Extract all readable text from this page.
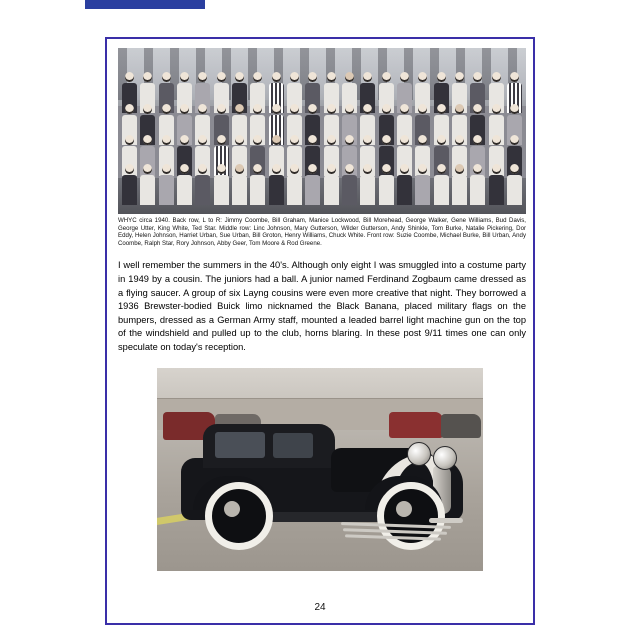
WHYC circa 1940. Back row, L to R: Jimmy Coombe, Bill Graham, Manice Lockwood, Bill Morehead, George Walker, Gene Williams, Bud Davis, George Utter, King White, Ted Star. Middle row: Linc Johnson, Mary Gutterson, Wilder Gutterson, Andy Shinkle, Tom Burke, Natalie Pickering, Dor Eddy, Helen Johnson, Harriet Urban, Sue Urban, Bill Groton, Henry Williams, Chuck White. Front row: Suzie Coombe, Michael Burke, Bill Urban, Andy Coombe, Ralph Star, Rory Johnson, Abby Geer, Tom Moore & Rod Greene.
I well remember the summers in the 40's. Although only eight I was smuggled into a costume party in 1949 by a cousin. The juniors had a ball. A junior named Ferdinand Zogbaum came dressed as a flying saucer. A group of six Layng cousins were even more creative that night. They borrowed a 1936 Brewster-bodied Buick limo nicknamed the Black Banana, placed military flags on the bumpers, dressed as a German Army staff, mounted a leaded barrel light machine gun on the top of the windshield and pulled up to the club, horns blaring. In these post 9/11 times one can only speculate on today's reception.
24
